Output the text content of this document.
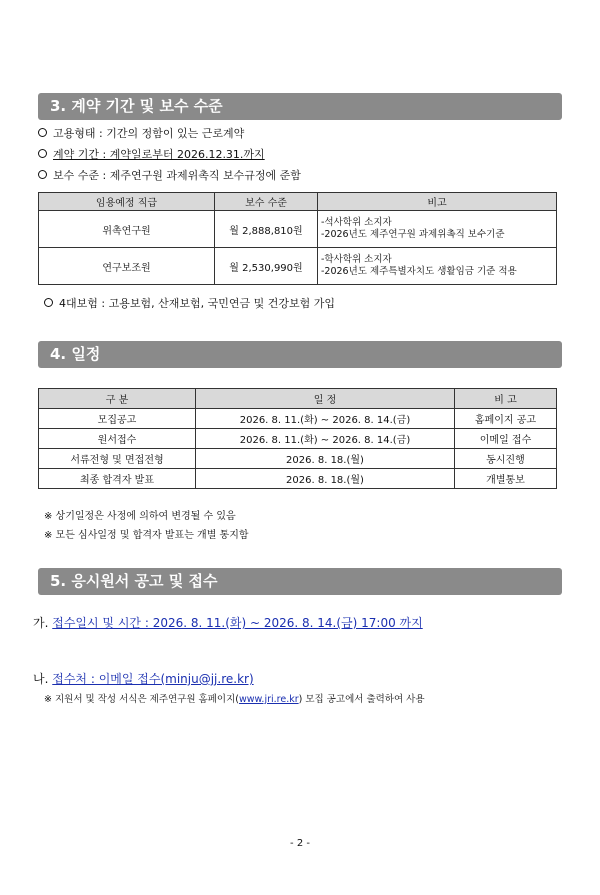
3. 계약 기간 및 보수 수준
고용형태 : 기간의 정함이 있는 근로계약
계약 기간 : 계약일로부터 2026.12.31.까지
보수 수준 : 제주연구원 과제위촉직 보수규정에 준함
임용예정 직급	보수 수준	비고
위촉연구원	월 2,888,810원	-석사학위 소지자
-2026년도 제주연구원 과제위촉직 보수기준

연구보조원	월 2,530,990원	-학사학위 소지자
-2026년도 제주특별자치도 생활임금 기준 적용
4대보험 : 고용보험, 산재보험, 국민연금 및 건강보험 가입
4. 일정
구 분	일 정	비 고
모집공고	2026. 8. 11.(화) ~ 2026. 8. 14.(금)	홈페이지 공고
원서접수	2026. 8. 11.(화) ~ 2026. 8. 14.(금)	이메일 접수
서류전형 및 면접전형	2026. 8. 18.(월)	동시진행
최종 합격자 발표	2026. 8. 18.(월)	개별통보
※ 상기일정은 사정에 의하여 변경될 수 있음
※ 모든 심사일정 및 합격자 발표는 개별 통지함
5. 응시원서 공고 및 접수
가. 접수일시 및 시간 : 2026. 8. 11.(화) ~ 2026. 8. 14.(금) 17:00 까지
나. 접수처 : 이메일 접수(minju@jj.re.kr)
※ 지원서 및 작성 서식은 제주연구원 홈페이지(www.jri.re.kr) 모집 공고에서 출력하여 사용
- 2 -
